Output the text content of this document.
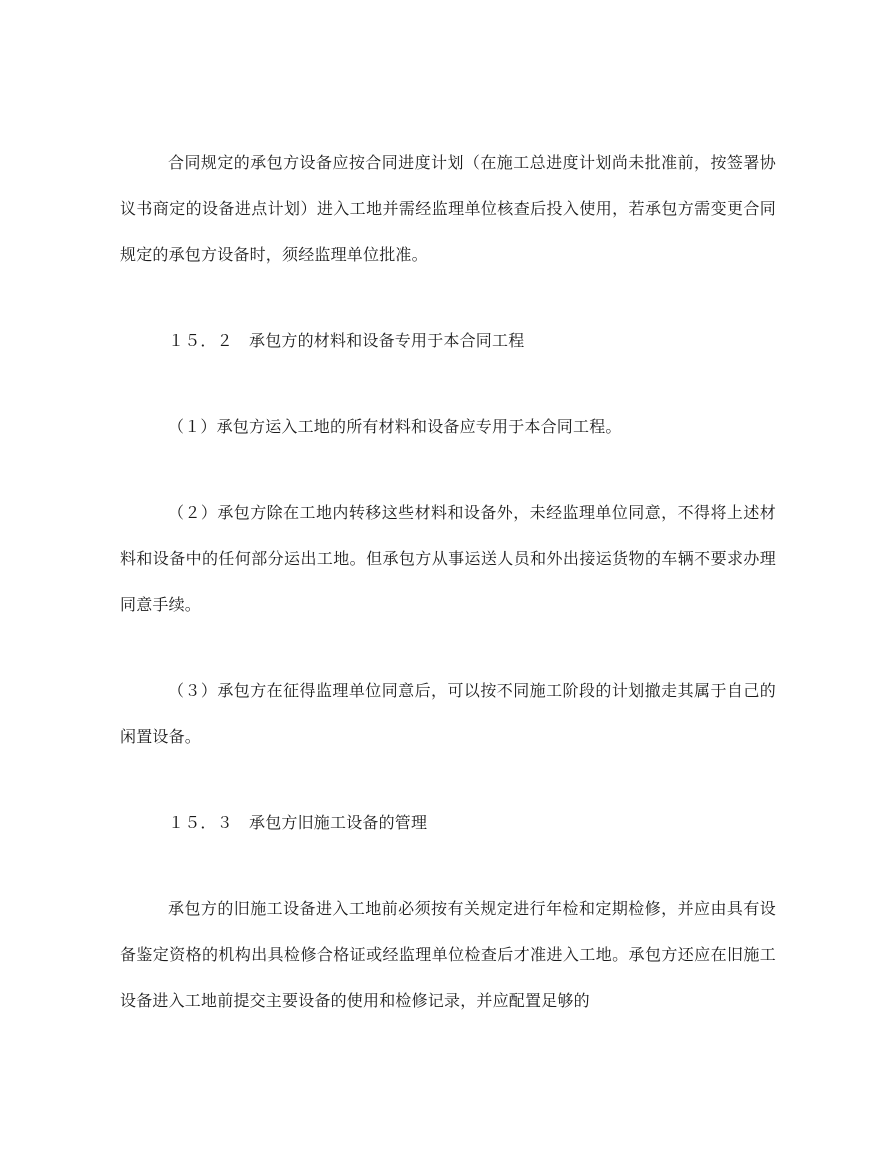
合同规定的承包方设备应按合同进度计划（在施工总进度计划尚未批准前，按签署协议书商定的设备进点计划）进入工地并需经监理单位核查后投入使用，若承包方需变更合同规定的承包方设备时，须经监理单位批准。

１５．２　承包方的材料和设备专用于本合同工程

（１）承包方运入工地的所有材料和设备应专用于本合同工程。

（２）承包方除在工地内转移这些材料和设备外，未经监理单位同意，不得将上述材料和设备中的任何部分运出工地。但承包方从事运送人员和外出接运货物的车辆不要求办理同意手续。

（３）承包方在征得监理单位同意后，可以按不同施工阶段的计划撤走其属于自己的闲置设备。

１５．３　承包方旧施工设备的管理

承包方的旧施工设备进入工地前必须按有关规定进行年检和定期检修，并应由具有设备鉴定资格的机构出具检修合格证或经监理单位检查后才准进入工地。承包方还应在旧施工设备进入工地前提交主要设备的使用和检修记录，并应配置足够的
